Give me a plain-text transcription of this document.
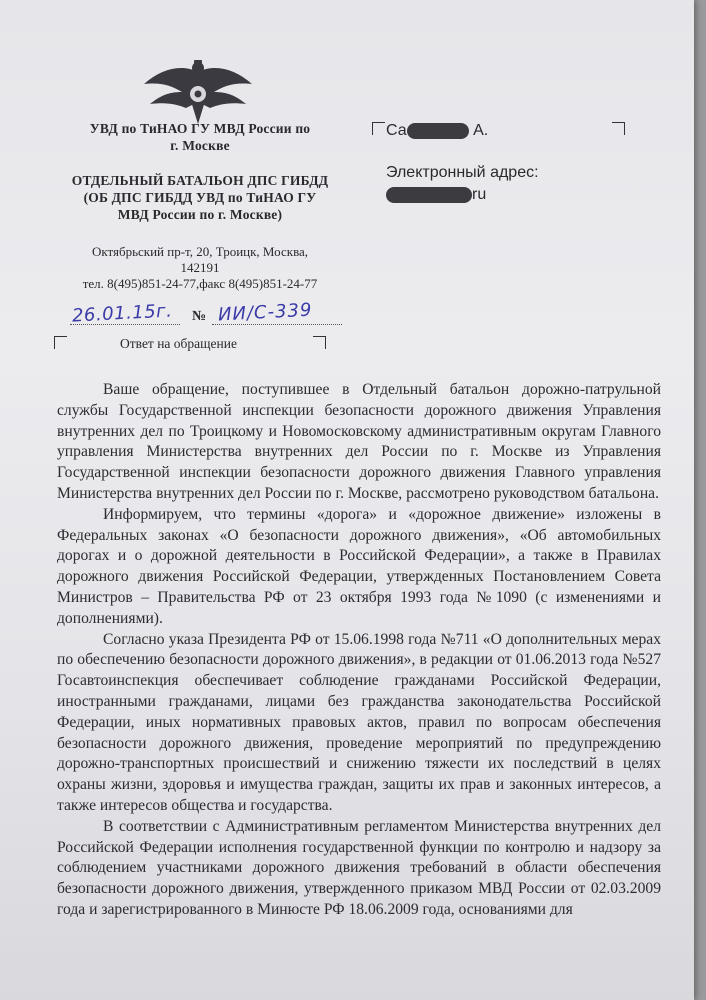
УВД по ТиНАО ГУ МВД России по
г. Москве
ОТДЕЛЬНЫЙ БАТАЛЬОН ДПС ГИБДД
(ОБ ДПС ГИБДД УВД по ТиНАО ГУ
МВД России по г. Москве)
Октябрьский пр-т, 20, Троицк, Москва,
142191
тел. 8(495)851-24-77,факс 8(495)851-24-77
26.01.15г. № ИИ/С-339
Ответ на обращение
Са	А.
Электронный адрес:
ru

Ваше обращение, поступившее в Отдельный батальон дорожно-патрульной службы Государственной инспекции безопасности дорожного движения Управления внутренних дел по Троицкому и Новомосковскому административным округам Главного управления Министерства внутренних дел России по г. Москве из Управления Государственной инспекции безопасности дорожного движения Главного управления Министерства внутренних дел России по г. Москве, рассмотрено руководством батальона.

Информируем, что термины «дорога» и «дорожное движение» изложены в Федеральных законах «О безопасности дорожного движения», «Об автомобильных дорогах и о дорожной деятельности в Российской Федерации», а также в Правилах дорожного движения Российской Федерации, утвержденных Постановлением Совета Министров – Правительства РФ от 23 октября 1993 года №1090 (с изменениями и дополнениями).

Согласно указа Президента РФ от 15.06.1998 года №711 «О дополнительных мерах по обеспечению безопасности дорожного движения», в редакции от 01.06.2013 года №527 Госавтоинспекция обеспечивает соблюдение гражданами Российской Федерации, иностранными гражданами, лицами без гражданства законодательства Российской Федерации, иных нормативных правовых актов, правил по вопросам обеспечения безопасности дорожного движения, проведение мероприятий по предупреждению дорожно-транспортных происшествий и снижению тяжести их последствий в целях охраны жизни, здоровья и имущества граждан, защиты их прав и законных интересов, а также интересов общества и государства.

В соответствии с Административным регламентом Министерства внутренних дел Российской Федерации исполнения государственной функции по контролю и надзору за соблюдением участниками дорожного движения требований в области обеспечения безопасности дорожного движения, утвержденного приказом МВД России от 02.03.2009 года и зарегистрированного в Минюсте РФ 18.06.2009 года, основаниями для
